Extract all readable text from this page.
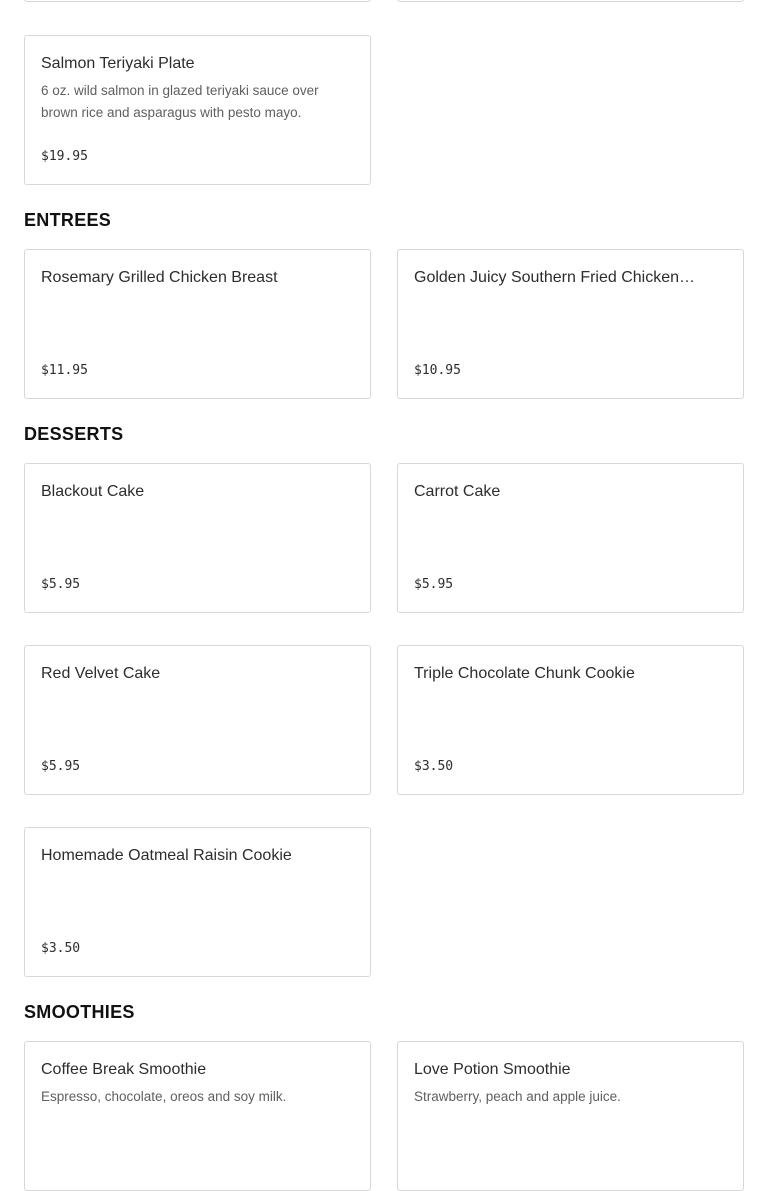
Salmon Teriyaki Plate
6 oz. wild salmon in glazed teriyaki sauce over brown rice and asparagus with pesto mayo.
$19.95
ENTREES
Rosemary Grilled Chicken Breast
$11.95
Golden Juicy Southern Fried Chicken…
$10.95
DESSERTS
Blackout Cake
$5.95
Carrot Cake
$5.95
Red Velvet Cake
$5.95
Triple Chocolate Chunk Cookie
$3.50
Homemade Oatmeal Raisin Cookie
$3.50
SMOOTHIES
Coffee Break Smoothie
Espresso, chocolate, oreos and soy milk.
Love Potion Smoothie
Strawberry, peach and apple juice.
